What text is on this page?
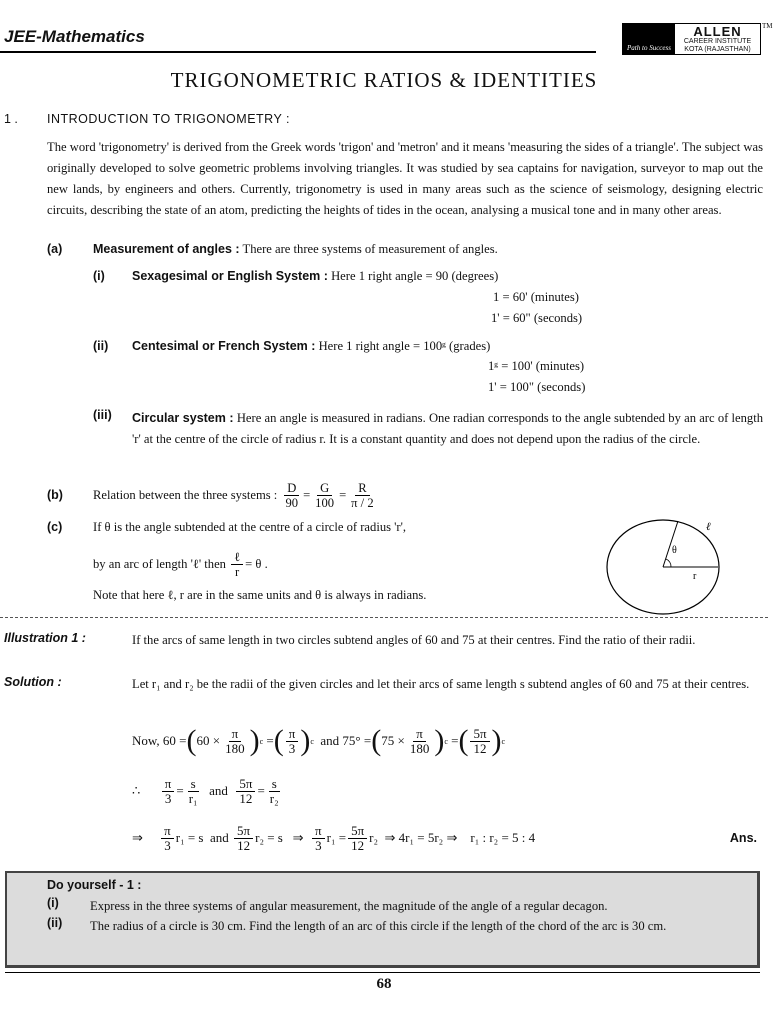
JEE-Mathematics
Path to Success
ALLEN
CAREER INSTITUTE
KOTA (RAJASTHAN)
TM
TRIGONOMETRIC RATIOS & IDENTITIES
1 . INTRODUCTION TO TRIGONOMETRY :

The word 'trigonometry' is derived from the Greek words 'trigon' and 'metron' and it means 'measuring the sides of a triangle'. The subject was originally developed to solve geometric problems involving triangles. It was studied by sea captains for navigation, surveyor to map out the new lands, by engineers and others. Currently, trigonometry is used in many areas such as the science of seismology, designing electric circuits, describing the state of an atom, predicting the heights of tides in the ocean, analysing a musical tone and in many other areas.

(a) Measurement of angles : There are three systems of measurement of angles.
(i) Sexagesimal or English System : Here 1 right angle = 90 (degrees)
1 = 60' (minutes)
1' = 60" (seconds)
(ii) Centesimal or French System : Here 1 right angle = 100ᵍ (grades)
1ᵍ = 100' (minutes)
1' = 100" (seconds)
(iii) Circular system : Here an angle is measured in radians. One radian corresponds to the angle subtended by an arc of length 'r' at the centre of the circle of radius r. It is a constant quantity and does not depend upon the radius of the circle.
(b) Relation between the three systems :
$\frac{D}{90} = \frac{G}{100} = \frac{R}{\pi / 2}$
(c) If θ is the angle subtended at the centre of a circle of radius 'r',
by an arc of length 'ℓ' then
$\frac{\text{ℓ}}{r} = \theta$ .
Note that here ℓ, r are in the same units and θ is always in radians.
ℓ
θ
r
Illustration 1 :	If the arcs of same length in two circles subtend angles of 60 and 75 at their centres. Find the ratio of their radii.
Solution :	Let r₁ and r₂ be the radii of the given circles and let their arcs of same length s subtend angles of 60 and 75 at their centres.
Now, 60 = ( $60 \times \frac{\pi}{180}$ ) c = ( $\frac{\pi}{3}$ ) c
and 75° = ( $75 \times \frac{\pi}{180}$ ) c = ( $\frac{5\pi}{12}$ ) c
∴
$\frac{\pi}{3} = \frac{s}{\text{r₁}}$
and
$\frac{5\pi}{12} = \frac{s}{\text{r₂}}$
⇒
$\frac{\pi}{3} r_1 = s$
and
$\frac{5\pi}{12} r_2 = s$
⇒
$\frac{\pi}{3} r_1 = \frac{5\pi}{12} r_2$
⇒ 4r₁ = 5r₂ ⇒
r₁ : r₂ = 5 : 4	Ans.
Do yourself - 1 :
(i) Express in the three systems of angular measurement, the magnitude of the angle of a regular decagon.
(ii) The radius of a circle is 30 cm. Find the length of an arc of this circle if the length of the chord of the arc is 30 cm.
68
